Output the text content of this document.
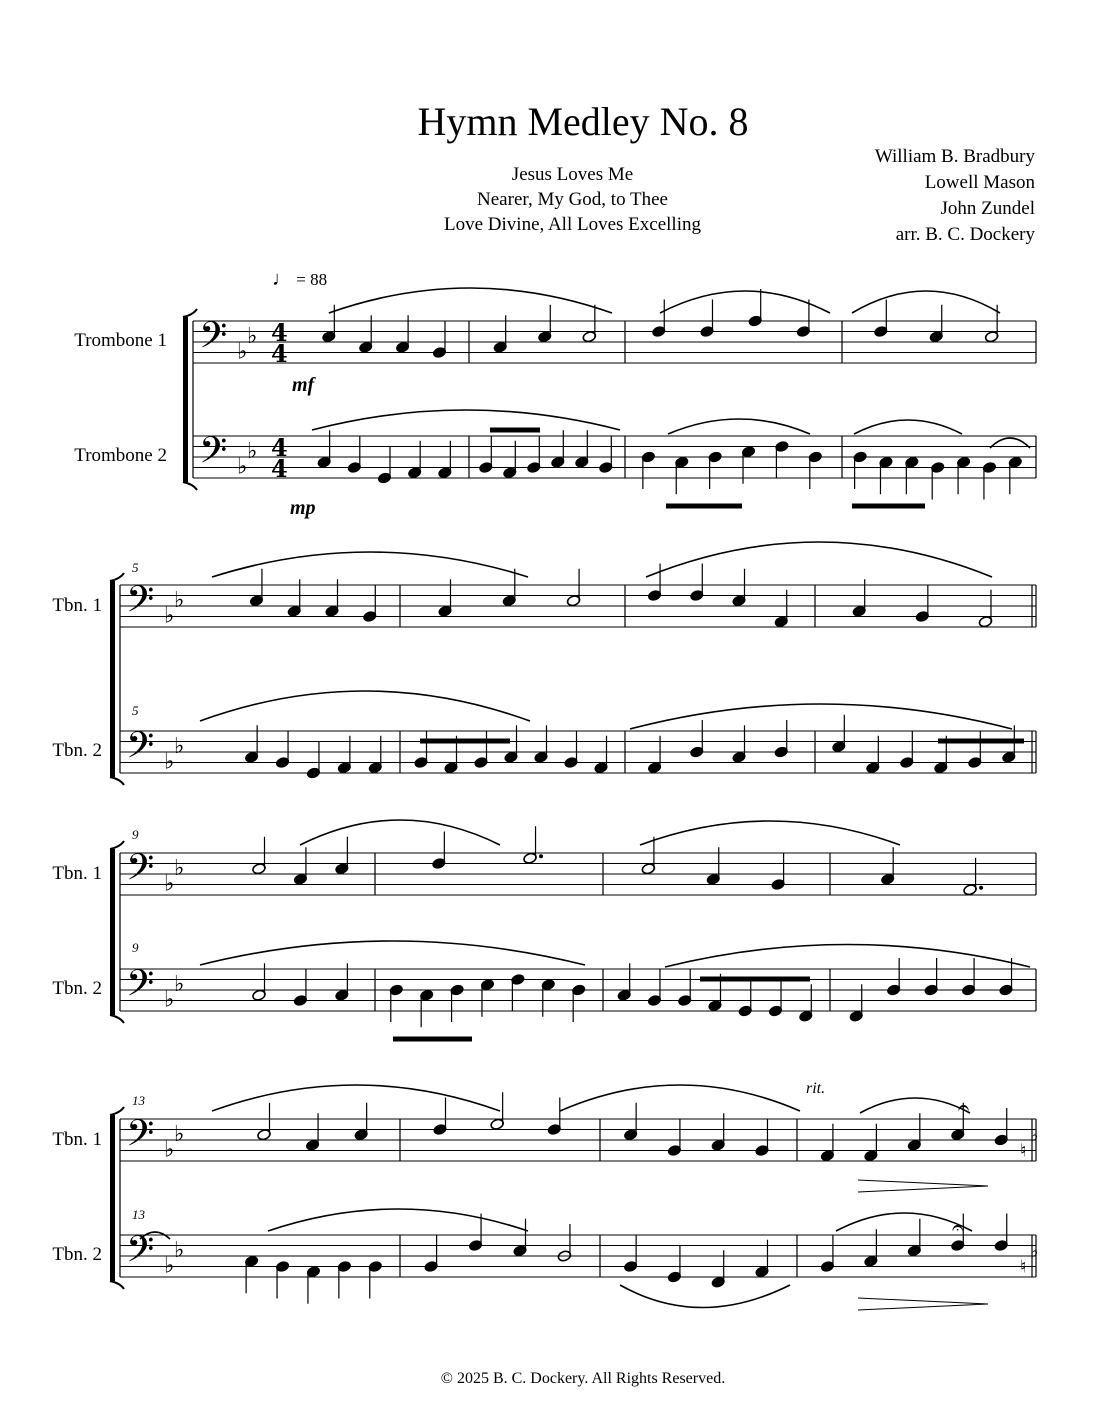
Hymn Medley No. 8
Jesus Loves Me
Nearer, My God, to Thee
Love Divine, All Loves Excelling
William B. Bradbury
Lowell Mason
John Zundel
arr. B. C. Dockery
♩ = 88
Trombone 1
Trombone 2
Tbn. 1
Tbn. 2
Tbn. 1
Tbn. 2
Tbn. 1
Tbn. 2
mf
mp
5
5
9
9
13
13
rit.
𝄢 ♭
♭ 4
4
𝄢 ♭
♭ 4
4
𝄢 ♭
♭
𝄢 ♭
♭
𝄢 ♭
♭
𝄢 ♭
♭
𝄢 ♭
♭
𝄢 ♭
♭
𝄐
𝄐
♮
♭
♮
♭
© 2025 B. C. Dockery. All Rights Reserved.
